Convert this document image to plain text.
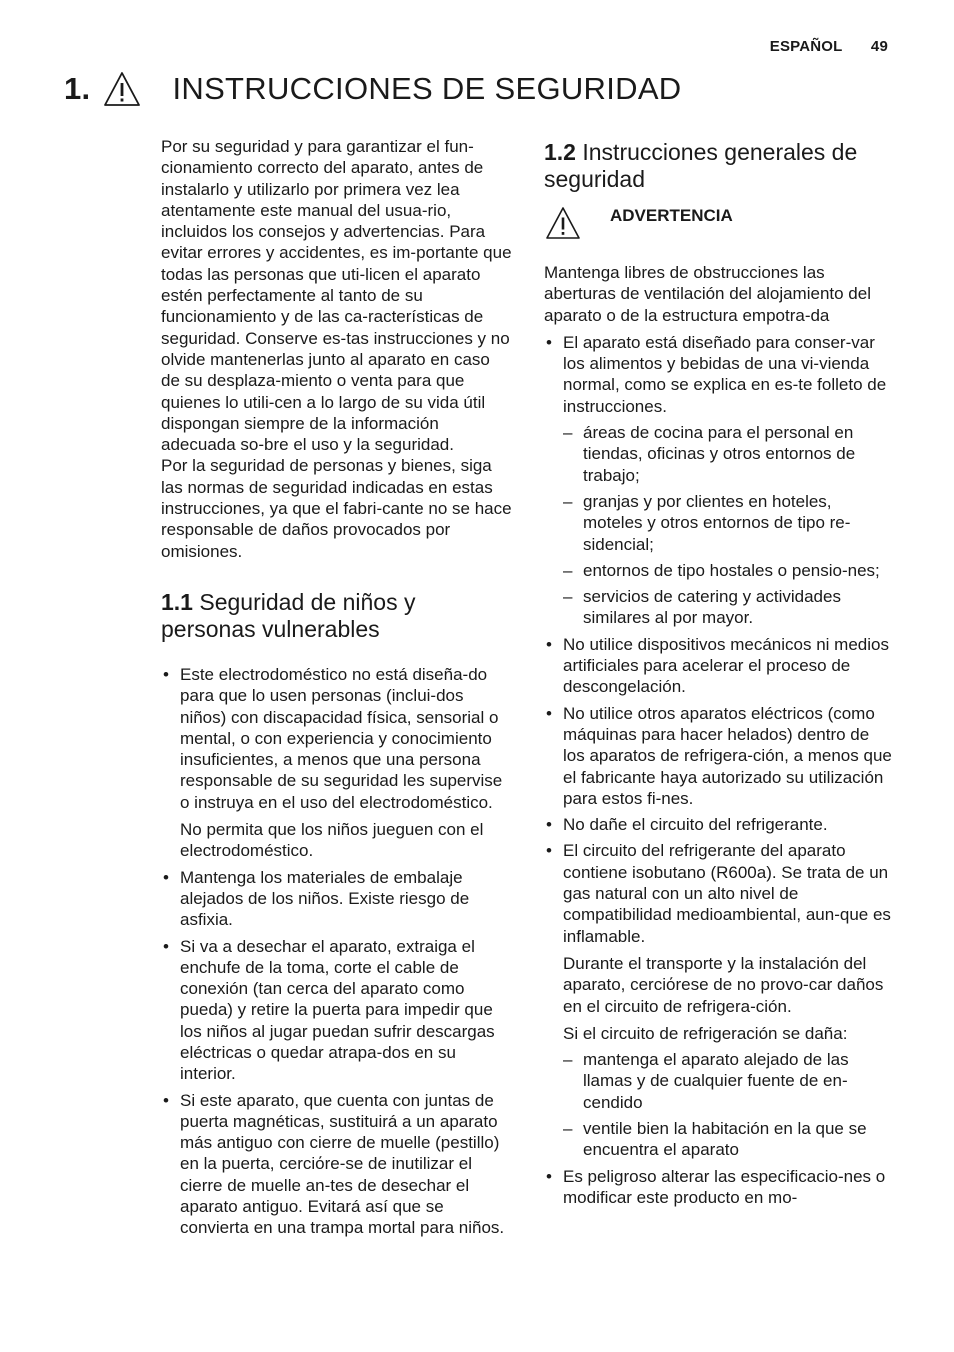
ESPAÑOL 49
1.	INSTRUCCIONES DE SEGURIDAD

Por su seguridad y para garantizar el fun-cionamiento correcto del aparato, antes de instalarlo y utilizarlo por primera vez lea atentamente este manual del usua-rio, incluidos los consejos y advertencias. Para evitar errores y accidentes, es im-portante que todas las personas que uti-licen el aparato estén perfectamente al tanto de su funcionamiento y de las ca-racterísticas de seguridad. Conserve es-tas instrucciones y no olvide mantenerlas junto al aparato en caso de su desplaza-miento o venta para que quienes lo utili-cen a lo largo de su vida útil dispongan siempre de la información adecuada so-bre el uso y la seguridad.

Por la seguridad de personas y bienes, siga las normas de seguridad indicadas en estas instrucciones, ya que el fabri-cante no se hace responsable de daños provocados por omisiones.

1.1 Seguridad de niños y personas vulnerables
• Este electrodoméstico no está diseña-do para que lo usen personas (inclui-dos niños) con discapacidad física, sensorial o mental, o con experiencia y conocimiento insuficientes, a menos que una persona responsable de su seguridad les supervise o instruya en el uso del electrodoméstico.

No permita que los niños jueguen con el electrodoméstico.

• Mantenga los materiales de embalaje alejados de los niños. Existe riesgo de asfixia.
• Si va a desechar el aparato, extraiga el enchufe de la toma, corte el cable de conexión (tan cerca del aparato como pueda) y retire la puerta para impedir que los niños al jugar puedan sufrir descargas eléctricas o quedar atrapa-dos en su interior.
• Si este aparato, que cuenta con juntas de puerta magnéticas, sustituirá a un aparato más antiguo con cierre de muelle (pestillo) en la puerta, cerciόre-se de inutilizar el cierre de muelle an-tes de desechar el aparato antiguo. Evitará así que se convierta en una trampa mortal para niños.
1.2 Instrucciones generales de seguridad
ADVERTENCIA

Mantenga libres de obstrucciones las aberturas de ventilación del alojamiento del aparato o de la estructura empotra-da

• El aparato está diseñado para conser-var los alimentos y bebidas de una vi-vienda normal, como se explica en es-te folleto de instrucciones.
– áreas de cocina para el personal en tiendas, oficinas y otros entornos de trabajo;
– granjas y por clientes en hoteles, moteles y otros entornos de tipo re-sidencial;
– entornos de tipo hostales o pensio-nes;
– servicios de catering y actividades similares al por mayor.
• No utilice dispositivos mecánicos ni medios artificiales para acelerar el proceso de descongelación.
• No utilice otros aparatos eléctricos (como máquinas para hacer helados) dentro de los aparatos de refrigera-ción, a menos que el fabricante haya autorizado su utilización para estos fi-nes.
• No dañe el circuito del refrigerante.
• El circuito del refrigerante del aparato contiene isobutano (R600a). Se trata de un gas natural con un alto nivel de compatibilidad medioambiental, aun-que es inflamable.

Durante el transporte y la instalación del aparato, cerciόrese de no provo-car daños en el circuito de refrigera-ción.

Si el circuito de refrigeración se daña:

– mantenga el aparato alejado de las llamas y de cualquier fuente de en-cendido
– ventile bien la habitación en la que se encuentra el aparato
• Es peligroso alterar las especificacio-nes o modificar este producto en mo-
